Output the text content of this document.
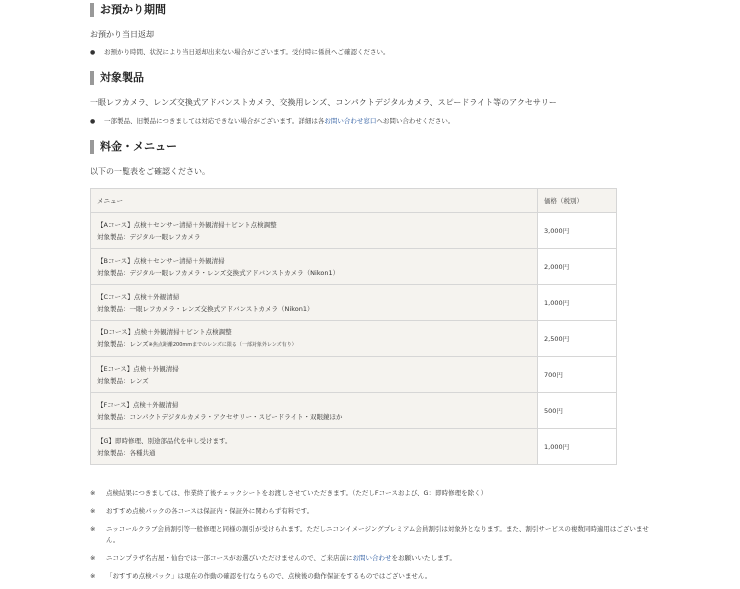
お預かり期間
お預かり当日返却
● お預かり時間、状況により当日返却出来ない場合がございます。受付時に係員へご確認ください。
対象製品
一眼レフカメラ、レンズ交換式アドバンストカメラ、交換用レンズ、コンパクトデジタルカメラ、スピードライト等のアクセサリー
● 一部製品、旧製品につきましては対応できない場合がございます。詳細は各お問い合わせ窓口へお問い合わせください。
料金・メニュー
以下の一覧表をご確認ください。
メニュー	価格（税別）
【Aコース】点検＋センサー清掃＋外観清掃＋ピント点検調整
対象製品：デジタル一眼レフカメラ	3,000円
【Bコース】点検＋センサー清掃＋外観清掃
対象製品：デジタル一眼レフカメラ・レンズ交換式アドバンストカメラ（Nikon1）	2,000円
【Cコース】点検＋外観清掃
対象製品：一眼レフカメラ・レンズ交換式アドバンストカメラ（Nikon1）	1,000円
【Dコース】点検＋外観清掃＋ピント点検調整
対象製品：レンズ※焦点距離200mmまでのレンズに限る（一部対象外レンズ有り）	2,500円
【Eコース】点検＋外観清掃
対象製品：レンズ	700円
【Fコース】点検＋外観清掃
対象製品：コンパクトデジタルカメラ・アクセサリー・スピードライト・双眼鏡ほか	500円
【G】即時修理、別途部品代を申し受けます。
対象製品：各種共通	1,000円
※	点検結果につきましては、作業終了後チェックシートをお渡しさせていただきます。（ただしFコースおよび、G：即時修理を除く）
※	おすすめ点検パックの各コースは保証内・保証外に関わらず有料です。
※	ニッコールクラブ会員割引等一般修理と同様の割引が受けられます。ただしニコンイメージングプレミアム会員割引は対象外となります。また、割引サービスの複数同時適用はございません。
※	ニコンプラザ名古屋・仙台では一部コースがお選びいただけませんので、ご来店前にお問い合わせをお願いいたします。
※	「おすすめ点検パック」は現在の作動の確認を行なうもので、点検後の動作保証をするものではございません。
